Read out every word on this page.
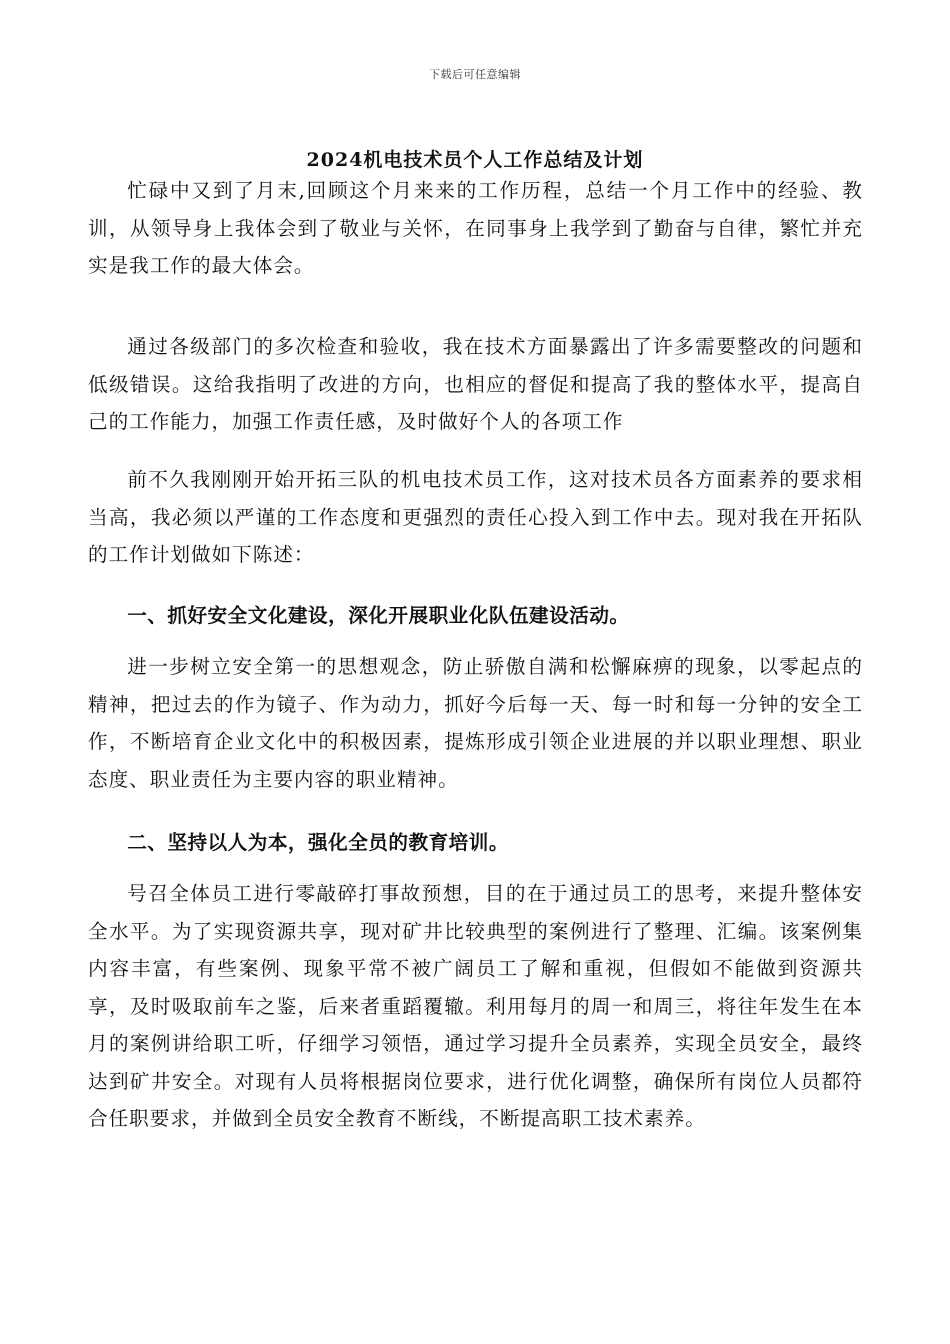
下载后可任意编辑
2024机电技术员个人工作总结及计划

忙碌中又到了月末,回顾这个月来来的工作历程，总结一个月工作中的经验、教训，从领导身上我体会到了敬业与关怀，在同事身上我学到了勤奋与自律，繁忙并充实是我工作的最大体会。

通过各级部门的多次检查和验收，我在技术方面暴露出了许多需要整改的问题和低级错误。这给我指明了改进的方向，也相应的督促和提高了我的整体水平，提高自己的工作能力，加强工作责任感，及时做好个人的各项工作

前不久我刚刚开始开拓三队的机电技术员工作，这对技术员各方面素养的要求相当高，我必须以严谨的工作态度和更强烈的责任心投入到工作中去。现对我在开拓队的工作计划做如下陈述：

一、抓好安全文化建设，深化开展职业化队伍建设活动。

进一步树立安全第一的思想观念，防止骄傲自满和松懈麻痹的现象，以零起点的精神，把过去的作为镜子、作为动力，抓好今后每一天、每一时和每一分钟的安全工作，不断培育企业文化中的积极因素，提炼形成引领企业进展的并以职业理想、职业态度、职业责任为主要内容的职业精神。

二、坚持以人为本，强化全员的教育培训。

号召全体员工进行零敲碎打事故预想，目的在于通过员工的思考，来提升整体安全水平。为了实现资源共享，现对矿井比较典型的案例进行了整理、汇编。该案例集内容丰富，有些案例、现象平常不被广阔员工了解和重视，但假如不能做到资源共享，及时吸取前车之鉴，后来者重蹈覆辙。利用每月的周一和周三，将往年发生在本月的案例讲给职工听，仔细学习领悟，通过学习提升全员素养，实现全员安全，最终达到矿井安全。对现有人员将根据岗位要求，进行优化调整，确保所有岗位人员都符合任职要求，并做到全员安全教育不断线，不断提高职工技术素养。
